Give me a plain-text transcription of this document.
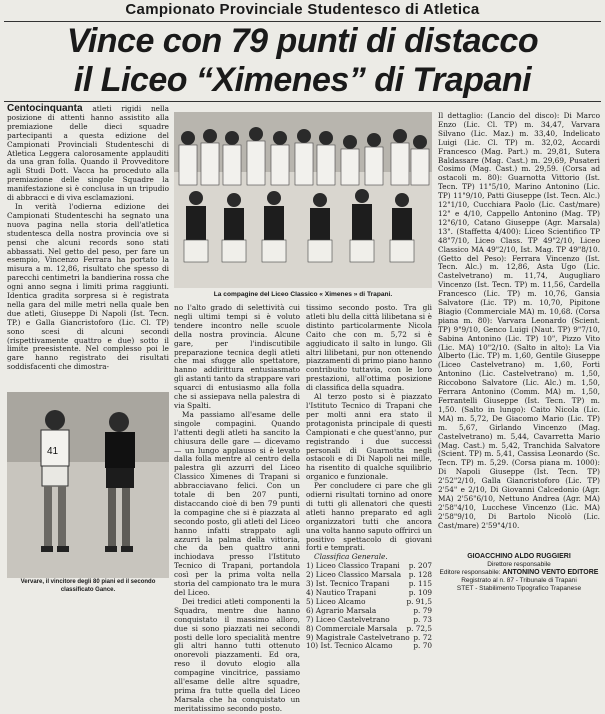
Campionato Provinciale Studentesco di Atletica
Vince con 79 punti di distacco
il Liceo “Ximenes” di Trapani

Centocinquanta atleti rigidi nella posizione di attenti hanno assistito alla premiazione delle dieci squadre partecipanti a questa edizione del Campionati Provinciali Studenteschi di Atletica Leggera calorosamente applauditi da una gran folla. Quando il Provveditore agli Studi Dott. Vacca ha proceduto alla premiazione delle singole Squadre la manifestazione si è conclusa in un tripudio di abbracci e di viva esclamazioni.

In verità l'odierna edizione dei Campionati Studenteschi ha segnato una nuova pagina nella storia dell'atletica studentesca della nostra provincia ove si pensi che alcuni records sono stati abbassati. Nel getto del peso, per fare un esempio, Vincenzo Ferrara ha portato la misura a m. 12,86, risultato che spesso di parecchi centimetri la bandierina rossa che ogni anno segna i limiti prima raggiunti. Identica gradita sorpresa si è registrata nella gara del mille metri nella quale ben due atleti, Giuseppe Di Napoli (Ist. Tecn. TP.) e Galla Giancristoforo (Lic. Cl. TP) sono scesi di alcuni secondi (rispettivamente quattro e due) sotto il limite preesistente. Nel complesso poi le gare hanno registrato dei risultati soddisfacenti che dimostra-

41
Vervare, il vincitore degli 80 piani ed il secondo classificato Gance.
La compagine del Liceo Classico « Ximenes » di Trapani.

no l'alto grado di selettività cui negli ultimi tempi si è voluto tendere incontro nelle scuole della nostra provincia. Alcune gare, per l'indiscutibile preparazione tecnica degli atleti che mai sfugge allo spettatore, hanno addirittura entusiasmato gli astanti tanto da strappare vari squarci di entusiasmo alla folla che si assiepava nella palestra di via Spalti.

Ma passiamo all'esame delle singole compagini. Quando l'attenti degli atleti ha sancito la chiusura delle gare — dicevamo — un lungo applauso si è levato dalla folla mentre al centro della palestra gli azzurri del Liceo Classico Ximenes di Trapani si abbracciavano felici. Con un totale di ben 207 punti, distaccando cioè di ben 79 punti la compagine che si è piazzata al secondo posto, gli atleti del Liceo hanno infatti strappato agli azzurri la palma della vittoria, che da ben quattro anni inchiodava presso l'Istituto Tecnico di Trapani, portandola così per la prima volta nella storia del campionato tra le mura del Liceo.

Dei tredici atleti componenti la Squadra, mentre due hanno conquistato il massimo alloro, due si sono piazzati nei secondi posti delle loro specialità mentre gli altri hanno tutti ottenuto onorevoli piazzamenti. Ed ora, reso il dovuto elogio alla compagine vincitrice, passiamo all'esame delle altre squadre, prima fra tutte quella del Liceo Marsala che ha conquistato un meritatissimo secondo posto.

tissimo secondo posto. Tra gli atleti blu della città lilibetana si è distinto particolarmente Nicola Caito che con m. 5,72 si è aggiudicato il salto in lungo. Gli altri lilibetani, pur non ottenendo piazzamenti di primo piano hanno contribuito tuttavia, con le loro prestazioni, all'ottima posizione di classifica della squadra.

Al terzo posto si è piazzato l'Istituto Tecnico di Trapani che per molti anni era stato il protagonista principale di questi Campionati e che quest'anno, pur registrando i due successi personali di Guarnotta negli ostacoli e di Di Napoli nei mille, ha risentito di qualche squilibrio organico e funzionale.

Per concludere ci pare che gli odierni risultati tornino ad onore di tutti gli allenatori che questi atleti hanno preparato ed agli organizzatori tutti che ancora una volta hanno saputo offrirci un positivo spettacolo di giovani forti e temprati.

Classifica Generale.

1) Liceo Classico Trapani p. 207
2) Liceo Classico Marsala p. 128
3) Ist. Tecnico Trapani	p. 115
4) Nautico Trapani	p. 109
5) Liceo Alcamo	p. 91,5
6) Agrario Marsala	p. 79
7) Liceo Castelvetrano	p. 73
8) Commerciale Marsala p. 72,5
9) Magistrale Castelvetrano p. 72
10) Ist. Tecnico Alcamo	p. 70

Il dettaglio: (Lancio del disco): Di Marco Enzo (Lic. Cl. TP) m. 34,47, Varvara Silvano (Lic. Maz.) m. 33,40, Indelicato Luigi (Lic. Cl. TP) m. 32,02, Accardi Francesco (Mag. Part.) m. 29,81, Sutera Baldassare (Mag. Cast.) m. 29,69, Pusateri Cosimo (Mag. Cast.) m. 29,59. (Corsa ad ostacoli m. 80): Guarnotta Vittorio (Ist. Tecn. TP) 11"5/10, Marino Antonino (Lic. TP) 11"9/10, Patti Giuseppe (Ist. Tecn. Alc.) 12"1/10, Cucchiara Paolo (Lic. Cast/mare) 12" e 4/10, Cappello Antonino (Mag. TP) 12"6/10, Catano Giuseppe (Agr. Marsala) 13". (Staffetta 4/400): Liceo Scientifico TP 48"7/10, Liceo Class. TP 49"2/10, Liceo Classico MA 49"2/10, Ist. Mag. TP 49"8/10. (Getto del Peso): Ferrara Vincenzo (Ist. Tecn. Alc.) m. 12,86, Asta Ugo (Lic. Castelvetrano) m. 11,74, Augugliaro Vincenzo (Ist. Tecn. TP) m. 11,56, Cardella Francesco (Lic. TP) m. 10,76, Gansia Salvatore (Lic. TP) m. 10,70, Pipitone Biagio (Commerciale MA) m. 10,68. (Corsa piana m. 80): Varvara Leonardo (Scient. TP) 9"9/10, Genco Luigi (Naut. TP) 9"7/10, Sabina Antonino (Lic. TP) 10", Pizzo Vito (Lic. MA) 10"2/10. (Salto in alto): La Via Alberto (Lic. TP) m. 1,60, Gentile Giuseppe (Liceo Castelvetrano) m. 1,60, Forti Antonino (Lic. Castelvetrano) m. 1,50, Riccobono Salvatore (Lic. Alc.) m. 1,50, Ferrara Antonino (Comm. MA) m. 1,50, Ferrantelli Giuseppe (Ist. Tecn. TP) m. 1,50. (Salto in lungo): Caito Nicola (Lic. MA) m. 5,72, De Giacomo Mario (Lic. TP) m. 5,67, Girlando Vincenzo (Mag. Castelvetrano) m. 5,44, Cavarretta Mario (Mag. Cast.) m. 5,42, Tranchida Salvatore (Scient. TP) m. 5,41, Cassisa Leonardo (Sc. Tecn. TP) m. 5,29. (Corsa piana m. 1000): Di Napoli Giuseppe (Ist. Tecn. TP) 2'52"2/10, Galla Giancristoforo (Lic. TP) 2'54" e 2/10, Di Giovanni Calcedonio (Agr. MA) 2'56"6/10, Nettuno Andrea (Agr. MA) 2'58"4/10, Lucchese Vincenzo (Lic. MA) 2'58"9/10, Di Bartolo Nicolò (Lic. Cast/mare) 2'59"4/10.

GIOACCHINO ALDO RUGGIERI
Direttore responsabile
Editore responsabile: ANTONINO VENTO EDITORE
Registrato al n. 87 - Tribunale di Trapani
STET - Stabilimento Tipografico Trapanese
